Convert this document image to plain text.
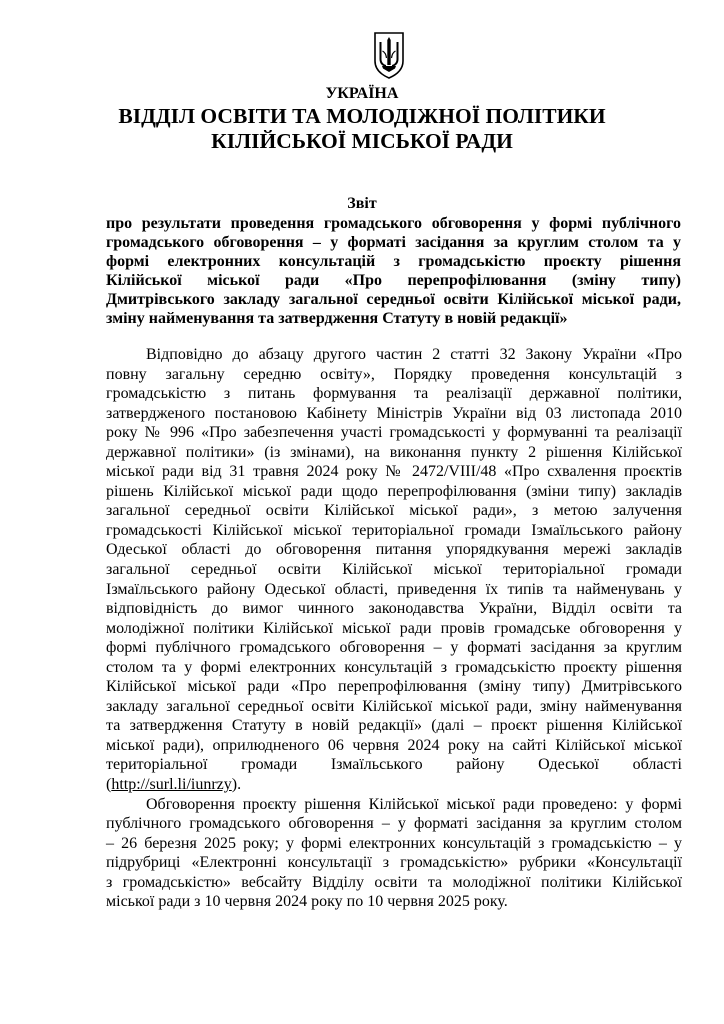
УКРАЇНА
ВІДДІЛ ОСВІТИ ТА МОЛОДІЖНОЇ ПОЛІТИКИ
КІЛІЙСЬКОЇ МІСЬКОЇ РАДИ
Звіт
про результати проведення громадського обговорення у формі публічного
громадського обговорення – у форматі засідання за круглим столом та у
формі електронних консультацій з громадськістю проєкту рішення
Кілійської міської ради «Про перепрофілювання (зміну типу)
Дмитрівського закладу загальної середньої освіти Кілійської міської ради,
зміну найменування та затвердження Статуту в новій редакції»
Відповідно до абзацу другого частин 2 статті 32 Закону України «Про
повну загальну середню освіту», Порядку проведення консультацій з
громадськістю з питань формування та реалізації державної політики,
затвердженого постановою Кабінету Міністрів України від 03 листопада 2010
року № 996 «Про забезпечення участі громадськості у формуванні та реалізації
державної політики» (із змінами), на виконання пункту 2 рішення Кілійської
міської ради від 31 травня 2024 року № 2472/VIII/48 «Про схвалення проєктів
рішень Кілійської міської ради щодо перепрофілювання (зміни типу) закладів
загальної середньої освіти Кілійської міської ради», з метою залучення
громадськості Кілійської міської територіальної громади Ізмаїльського району
Одеської області до обговорення питання упорядкування мережі закладів
загальної середньої освіти Кілійської міської територіальної громади
Ізмаїльського району Одеської області, приведення їх типів та найменувань у
відповідність до вимог чинного законодавства України, Відділ освіти та
молодіжної політики Кілійської міської ради провів громадське обговорення у
формі публічного громадського обговорення – у форматі засідання за круглим
столом та у формі електронних консультацій з громадськістю проєкту рішення
Кілійської міської ради «Про перепрофілювання (зміну типу) Дмитрівського
закладу загальної середньої освіти Кілійської міської ради, зміну найменування
та затвердження Статуту в новій редакції» (далі – проєкт рішення Кілійської
міської ради), оприлюдненого 06 червня 2024 року на сайті Кілійської міської
територіальної громади Ізмаїльського району Одеської області
(http://surl.li/iunrzy).
Обговорення проєкту рішення Кілійської міської ради проведено: у формі
публічного громадського обговорення – у форматі засідання за круглим столом
– 26 березня 2025 року; у формі електронних консультацій з громадськістю – у
підрубриці «Електронні консультації з громадськістю» рубрики «Консультації
з громадськістю» вебсайту Відділу освіти та молодіжної політики Кілійської
міської ради з 10 червня 2024 року по 10 червня 2025 року.
